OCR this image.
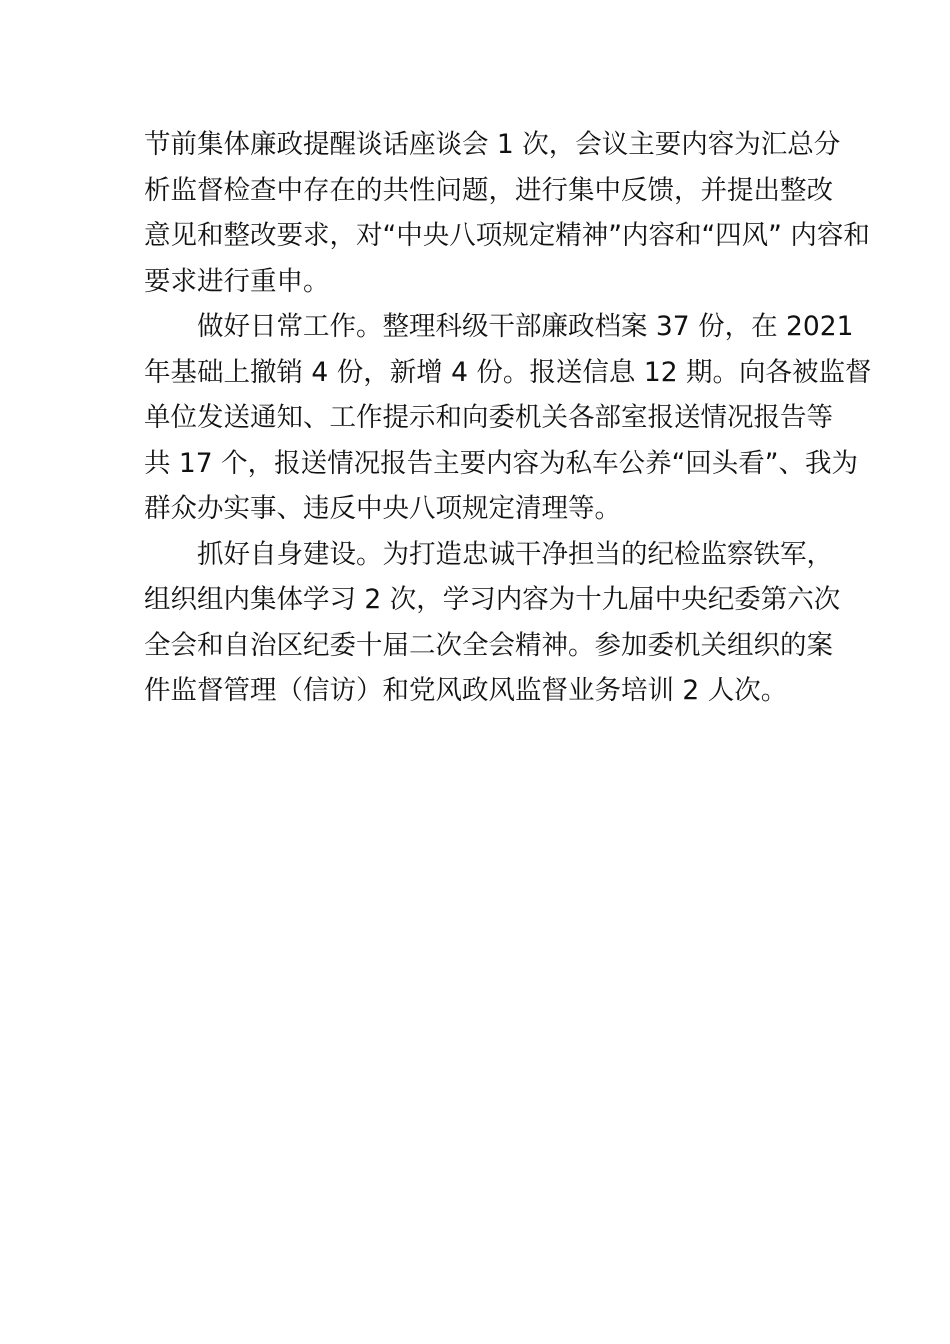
节前集体廉政提醒谈话座谈会 1 次，会议主要内容为汇总分
析监督检查中存在的共性问题，进行集中反馈，并提出整改
意见和整改要求，对“中央八项规定精神”内容和“四风” 内容和
要求进行重申。

做好日常工作。整理科级干部廉政档案 37 份，在 2021
年基础上撤销 4 份，新增 4 份。报送信息 12 期。向各被监督
单位发送通知、工作提示和向委机关各部室报送情况报告等
共 17 个，报送情况报告主要内容为私车公养“回头看”、我为
群众办实事、违反中央八项规定清理等。

抓好自身建设。为打造忠诚干净担当的纪检监察铁军，
组织组内集体学习 2 次，学习内容为十九届中央纪委第六次
全会和自治区纪委十届二次全会精神。参加委机关组织的案
件监督管理（信访）和党风政风监督业务培训 2 人次。
